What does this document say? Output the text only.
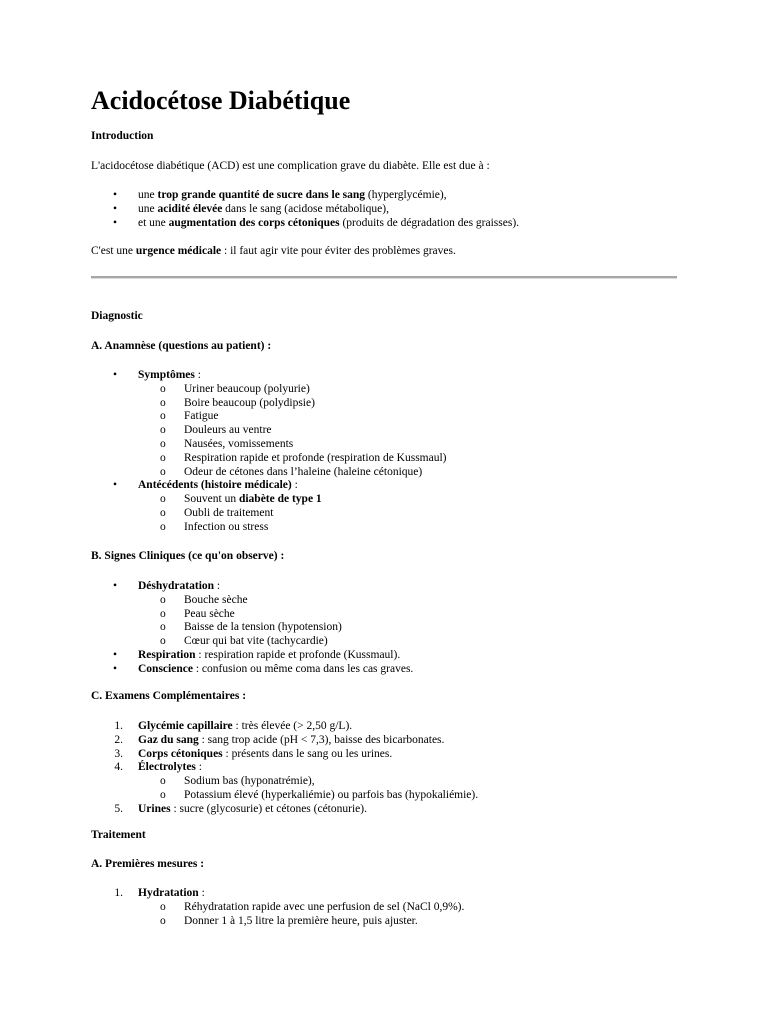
Acidocétose Diabétique

Introduction

L'acidocétose diabétique (ACD) est une complication grave du diabète. Elle est due à :

• une trop grande quantité de sucre dans le sang (hyperglycémie),
• une acidité élevée dans le sang (acidose métabolique),
• et une augmentation des corps cétoniques (produits de dégradation des graisses).

C'est une urgence médicale : il faut agir vite pour éviter des problèmes graves.

Diagnostic

A. Anamnèse (questions au patient) :

• Symptômes :
o Uriner beaucoup (polyurie)
o Boire beaucoup (polydipsie)
o Fatigue
o Douleurs au ventre
o Nausées, vomissements
o Respiration rapide et profonde (respiration de Kussmaul)
o Odeur de cétones dans l’haleine (haleine cétonique)
• Antécédents (histoire médicale) :
o Souvent un diabète de type 1
o Oubli de traitement
o Infection ou stress

B. Signes Cliniques (ce qu'on observe) :

• Déshydratation :
o Bouche sèche
o Peau sèche
o Baisse de la tension (hypotension)
o Cœur qui bat vite (tachycardie)
• Respiration : respiration rapide et profonde (Kussmaul).
• Conscience : confusion ou même coma dans les cas graves.

C. Examens Complémentaires :

1. Glycémie capillaire : très élevée (> 2,50 g/L).
2. Gaz du sang : sang trop acide (pH < 7,3), baisse des bicarbonates.
3. Corps cétoniques : présents dans le sang ou les urines.
4. Électrolytes :
o Sodium bas (hyponatrémie),
o Potassium élevé (hyperkaliémie) ou parfois bas (hypokaliémie).
5. Urines : sucre (glycosurie) et cétones (cétonurie).

Traitement

A. Premières mesures :

1. Hydratation :
o Réhydratation rapide avec une perfusion de sel (NaCl 0,9%).
o Donner 1 à 1,5 litre la première heure, puis ajuster.
